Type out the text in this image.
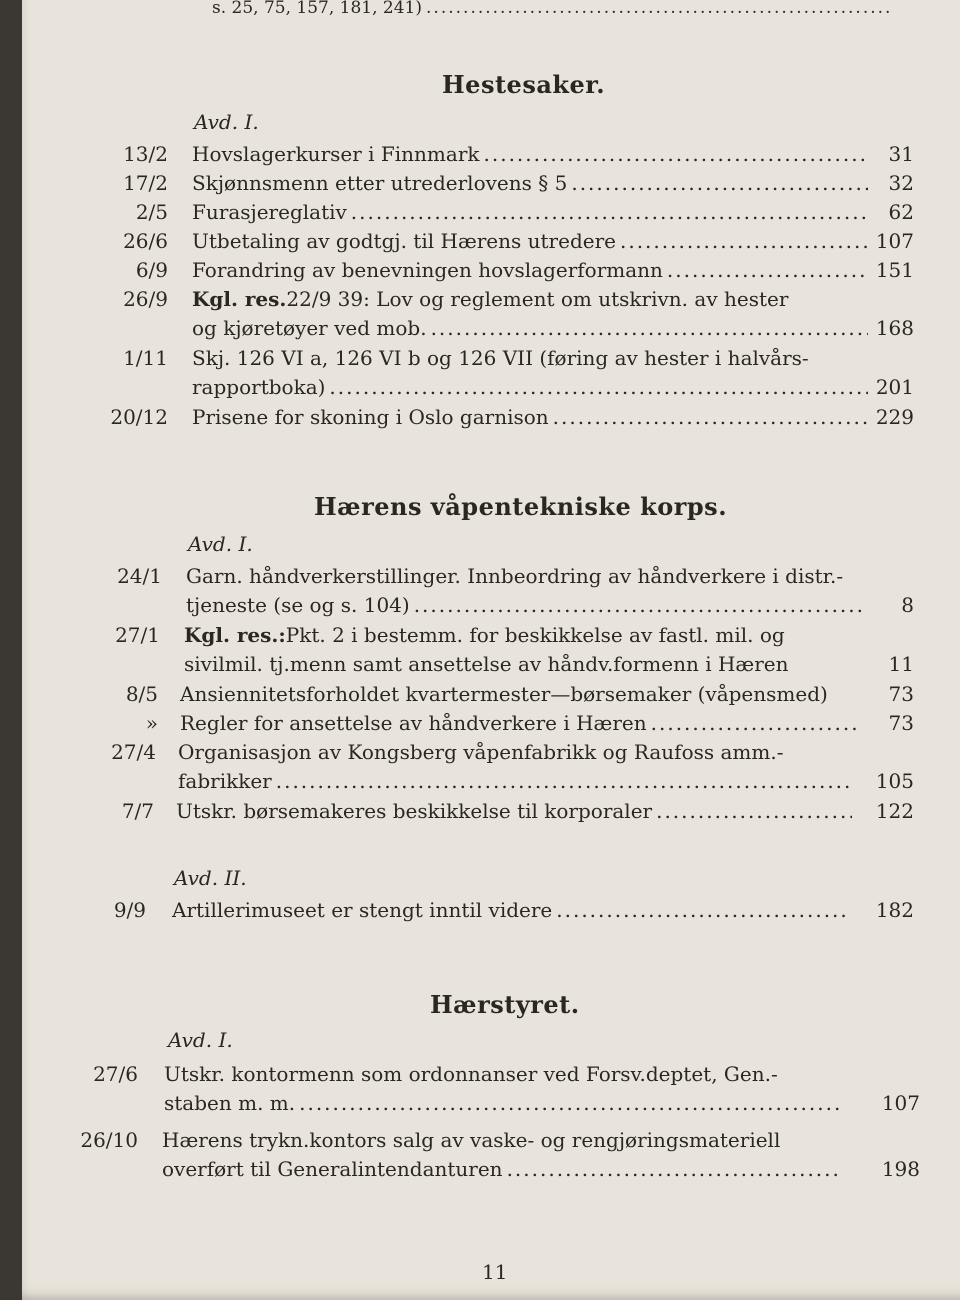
s. 25, 75, 157, 181, 241)
.....
Hestesaker.
Avd. I.
13/2 Hovslagerkurser i Finnmark .....	31
17/2 Skjønnsmenn etter utrederlovens § 5 .....	32
2/5 Furasjereglativ .....	62
26/6 Utbetaling av godtgj. til Hærens utredere .....	107
6/9 Forandring av benevningen hovslagerformann .....	151
26/9 Kgl. res. 22/9 39: Lov og reglement om utskrivn. av hester
og kjøretøyer ved mob. .....	168
1/11 Skj. 126 VI a, 126 VI b og 126 VII (føring av hester i halvårs-
rapportboka) .....	201
20/12 Prisene for skoning i Oslo garnison .....	229
Hærens våpentekniske korps.
Avd. I.
24/1 Garn. håndverkerstillinger. Innbeordring av håndverkere i distr.-
tjeneste (se og s. 104) .....	8
27/1 Kgl. res.: Pkt. 2 i bestemm. for beskikkelse av fastl. mil. og
sivilmil. tj.menn samt ansettelse av håndv.formenn i Hæren	11
8/5 Ansiennitetsforholdet kvartermester—børsemaker (våpensmed)	73
» Regler for ansettelse av håndverkere i Hæren .....	73
27/4 Organisasjon av Kongsberg våpenfabrikk og Raufoss amm.-
fabrikker .....	105
7/7 Utskr. børsemakeres beskikkelse til korporaler .....	122
Avd. II.
9/9 Artillerimuseet er stengt inntil videre .....	182
Hærstyret.
Avd. I.
27/6 Utskr. kontormenn som ordonnanser ved Forsv.deptet, Gen.-
staben m. m. .....	107
26/10 Hærens trykn.kontors salg av vaske- og rengjøringsmateriell
overført til Generalintendanturen .....	198
11
